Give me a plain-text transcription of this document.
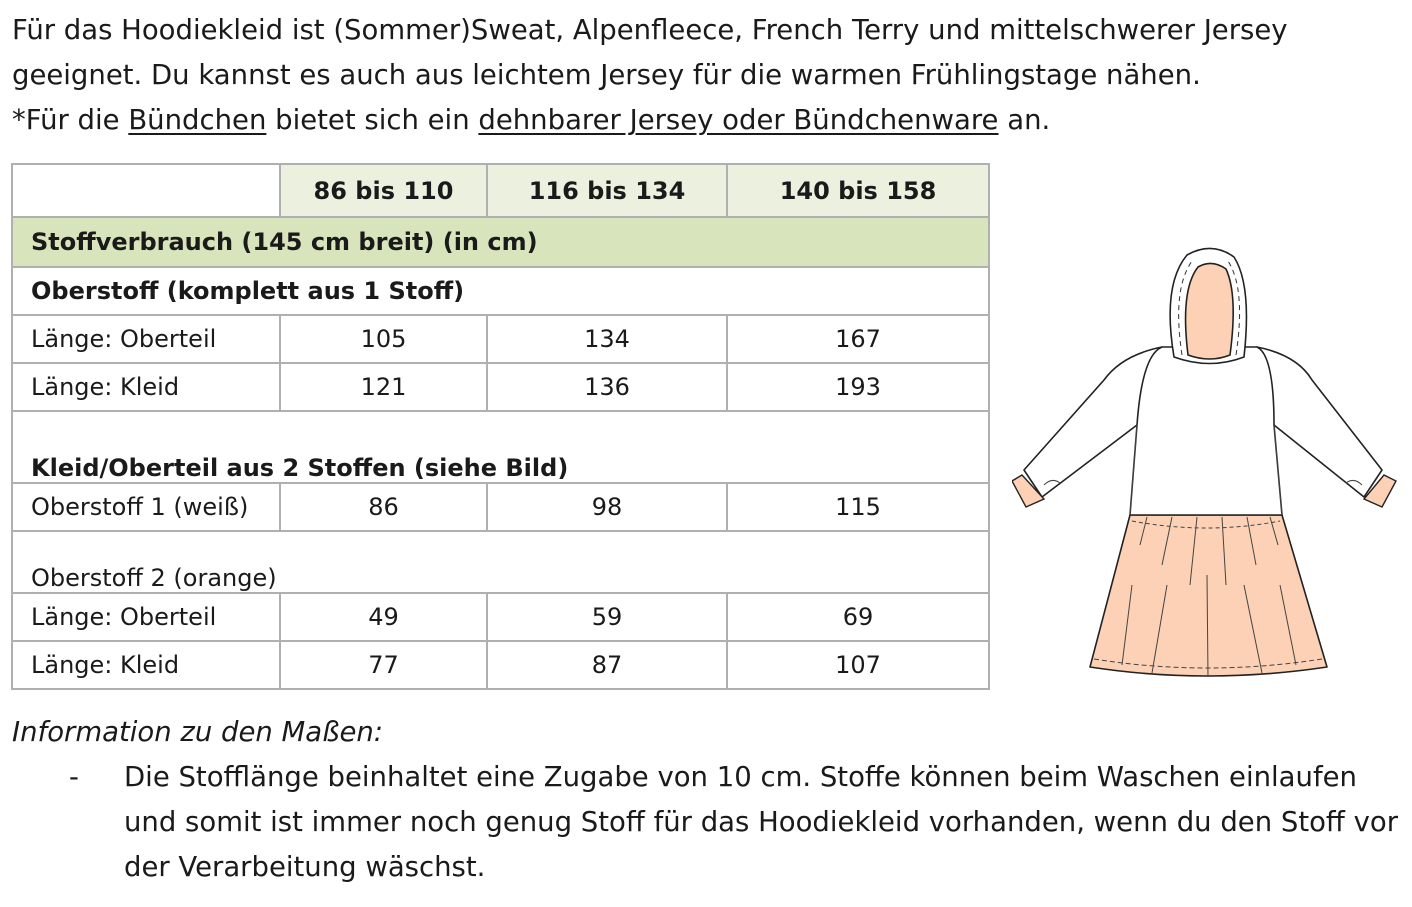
Für das Hoodiekleid ist (Sommer)Sweat, Alpenfleece, French Terry und mittelschwerer Jersey

geeignet. Du kannst es auch aus leichtem Jersey für die warmen Frühlingstage nähen.

*Für die Bündchen bietet sich ein dehnbarer Jersey oder Bündchenware an.

	86 bis 110	116 bis 134	140 bis 158
Stoffverbrauch (145 cm breit) (in cm)			
Oberstoff (komplett aus 1 Stoff)			
Länge: Oberteil	105	134	167
Länge: Kleid	121	136	193
Kleid/Oberteil aus 2 Stoffen (siehe Bild)			
Oberstoff 1 (weiß)	86	98	115
Oberstoff 2 (orange)			
Länge: Oberteil	49	59	69
Länge: Kleid	77	87	107

Information zu den Maßen:

- Die Stofflänge beinhaltet eine Zugabe von 10 cm. Stoffe können beim Waschen einlaufen
und somit ist immer noch genug Stoff für das Hoodiekleid vorhanden, wenn du den Stoff vor
der Verarbeitung wäschst.
